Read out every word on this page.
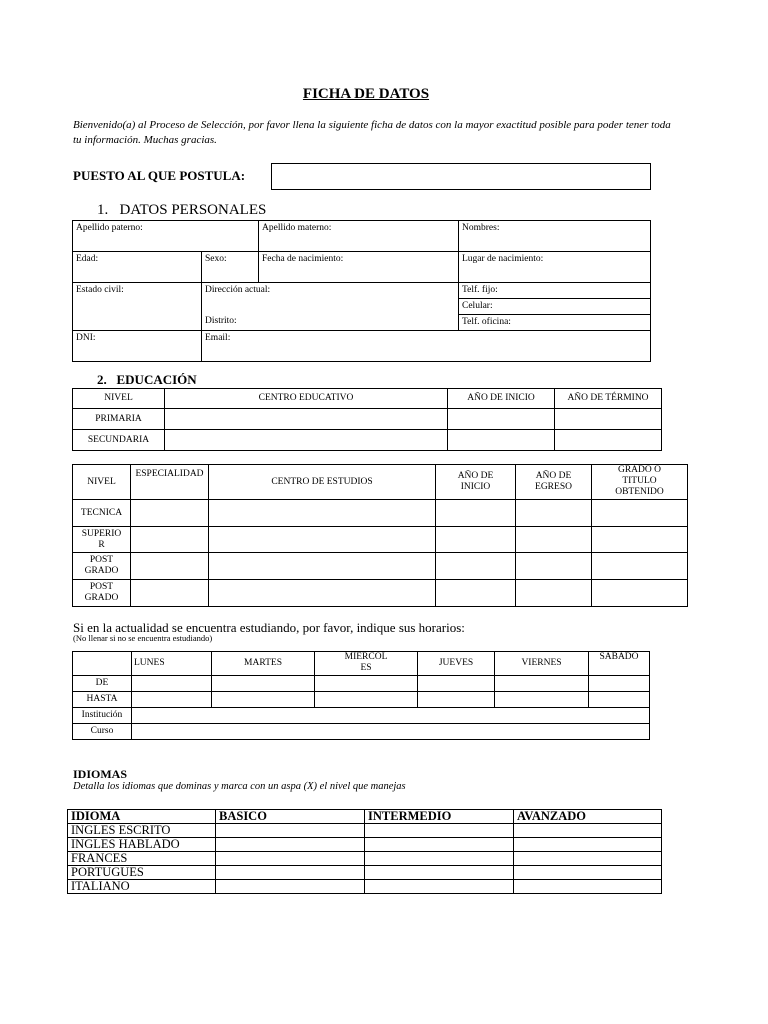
FICHA DE DATOS
Bienvenido(a) al Proceso de Selección, por favor llena la siguiente ficha de datos con la mayor exactitud posible para poder tener toda tu información. Muchas gracias.
PUESTO AL QUE POSTULA:
1. DATOS PERSONALES
Apellido paterno:		Apellido materno:	Nombres:
Edad:	Sexo:	Fecha de nacimiento:	Lugar de nacimiento:
Estado civil:	Dirección actual:
Distrito:		Telf. fijo:
			Celular:
			Telf. oficina:
DNI:	Email:		
2. EDUCACIÓN
NIVEL	CENTRO EDUCATIVO	AÑO DE INICIO	AÑO DE TÉRMINO
PRIMARIA			
SECUNDARIA			
NIVEL	ESPECIALIDAD	CENTRO DE ESTUDIOS	AÑO DE INICIO	AÑO DE EGRESO	GRADO O TITULO OBTENIDO
TECNICA					
SUPERIOR					
POST GRADO					
POST GRADO					
Si en la actualidad se encuentra estudiando, por favor, indique sus horarios:
(No llenar si no se encuentra estudiando)
	LUNES	MARTES	MIERCOLES	JUEVES	VIERNES	SABADO
DE						
HASTA						
Institución						
Curso						
IDIOMAS
Detalla los idiomas que dominas y marca con un aspa (X) el nivel que manejas
IDIOMA	BASICO	INTERMEDIO	AVANZADO
INGLES ESCRITO			
INGLES HABLADO			
FRANCES			
PORTUGUES			
ITALIANO			
